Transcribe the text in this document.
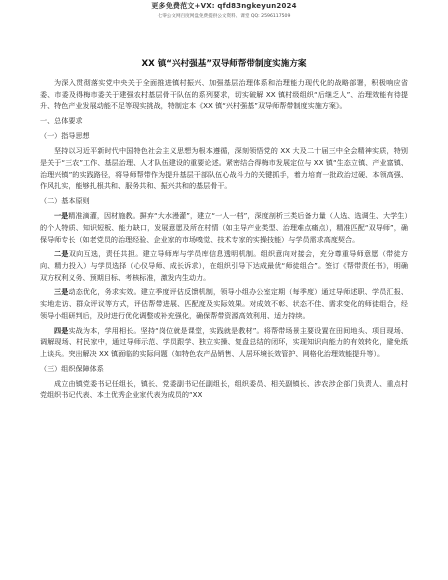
更多免费范文+VX: qfd83ngkeyun2024
七零公文网百度网盘免费提供公文资料、课堂 QQ: 2596117509
XX 镇“兴村强基”双导师帮带制度实施方案

为深入贯彻落实党中央关于全面推进镇村振兴、加强基层治理体系和治理能力现代化的战略部署，积极响应省委、市委及得梅市委关于建强农村基层骨干队伍的系列要求，切实破解 XX 镇村级组织“后继乏人”、治理效能有待提升、特色产业发展动能不足等现实挑战，特制定本《XX 镇“兴村强基”双导师帮带制度实施方案》。

一、总体要求

（一）指导思想

坚持以习近平新时代中国特色社会主义思想为根本遵循，深刻领悟党的 XX 大及二十届三中全会精神实质，特别是关于“三农”工作、基层治理、人才队伍建设的重要论述。紧密结合得梅市发展定位与 XX 镇“生态立镇、产业富镇、治理兴镇”的实践路径，将导师帮带作为提升基层干部队伍心战斗力的关键抓手，着力培育一批政治过硬、本领高强、作风扎实，能够扎根共和、服务共和、振兴共和的基层骨干。

（二）基本原则

一是精准滴灌，因材施教。摒弃“大水漫灌”，建立“一人一档”，深度剖析三类后备力量（人选、选调生、大学生）的个人特质、知识短板、能力缺口，发展意愿及所在村情（如主导产业类型、治理难点痛点），精准匹配“双导师”，确保导师专长（如老党员的治理经验、企业家的市场嗅觉、技术专家的实操技能）与学员需求高度契合。

二是双向互选，责任共担。建立导师库与学员库信息透明机制。组织意向对接会，充分尊重导师意愿（带徒方向、精力投入）与学员选择（心仪导师、成长诉求），在组织引导下达成最优“师徒组合”。签订《帮带责任书》，明确双方权利义务、预期目标、考核标准，激发内生动力。

三是动态优化，务求实效。建立季度评估反馈机制，领导小组办公室定期（每季度）通过导师述职、学员汇报、实地走访、群众评议等方式，评估帮带进展、匹配度及实际效果。对成效不彰、状态不佳、需求变化的师徒组合，经领导小组研判后，及时进行优化调整或补充强化，确保帮带资源高效利用、适力持续。

四是实战为本，学用相长。坚持“岗位就是课堂，实践就是教材”。将帮带场景主要设置在田间地头、项目现场、调解现场、村民家中，通过导师示范、学员跟学、独立实操、复盘总结的闭环，实现知识向能力的有效转化，避免纸上谈兵。突出解决 XX 镇面临的实际问题（如特色农产品销售、人居环境长效管护、网格化治理效能提升等）。

（三）组织保障体系

成立由镇党委书记任组长，镇长、党委副书记任副组长，组织委员、相关副镇长、涉农涉企部门负责人、重点村党组织书记代表、本土优秀企业家代表为成员的“XX
